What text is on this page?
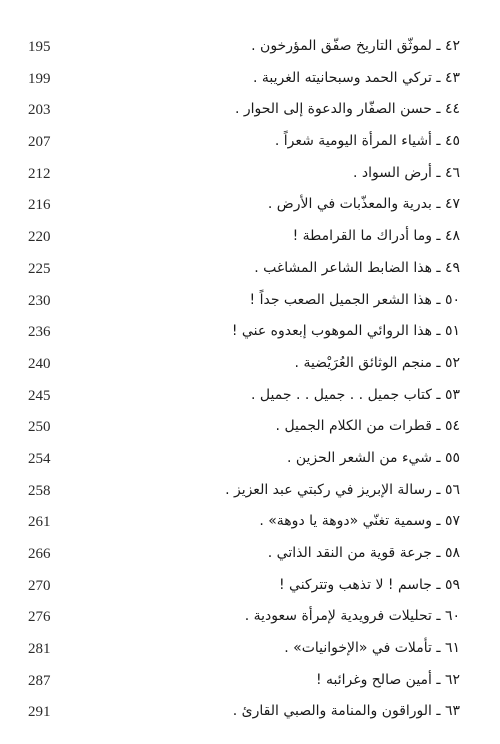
195	٤٢ ـ لموثّق التاريخ صفّق المؤرخون .
199	٤٣ ـ تركي الحمد وسبحانيته الغريبة .
203	٤٤ ـ حسن الصفّار والدعوة إلى الحوار .
207	٤٥ ـ أشياء المرأة اليومية شعراً .
212	٤٦ ـ أرض السواد .
216	٤٧ ـ بدرية والمعذّبات في الأرض .
220	٤٨ ـ وما أدراك ما القرامطة !
225	٤٩ ـ هذا الضابط الشاعر المشاغب .
230	٥٠ ـ هذا الشعر الجميل الصعب جداً !
236	٥١ ـ هذا الروائي الموهوب إبعدوه عني !
240	٥٢ ـ منجم الوثائق العُرَيْضية .
245	٥٣ ـ كتاب جميل . . جميل . . جميل .
250	٥٤ ـ قطرات من الكلام الجميل .
254	٥٥ ـ شيء من الشعر الحزين .
258	٥٦ ـ رسالة الإبريز في ركبتي عبد العزيز .
261	٥٧ ـ وسمية تغنّي «دوهة يا دوهة» .
266	٥٨ ـ جرعة قوية من النقد الذاتي .
270	٥٩ ـ جاسم ! لا تذهب وتتركني !
276	٦٠ ـ تحليلات فرويدية لإمرأة سعودية .
281	٦١ ـ تأملات في «الإخوانيات» .
287	٦٢ ـ أمين صالح وغرائبه !
291	٦٣ ـ الوراقون والمنامة والصبي القارئ .
